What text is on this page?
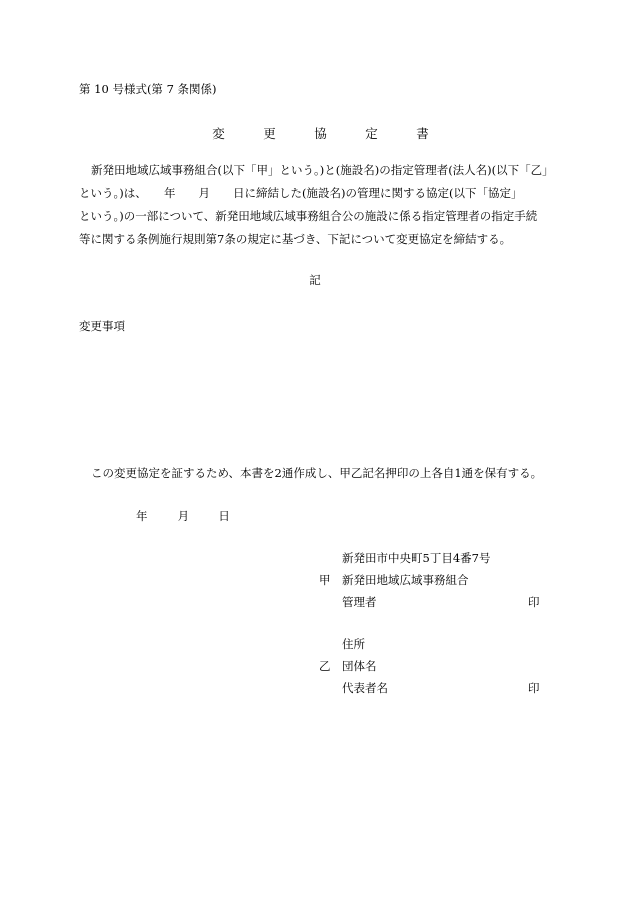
第 10 号様式(第 7 条関係)
変　更　協　定　書
新発田地域広域事務組合(以下「甲」という。)と(施設名)の指定管理者(法人名)(以下「乙」
という。)は、　　年　　月　　日に締結した(施設名)の管理に関する協定(以下「協定」
という。)の一部について、新発田地域広域事務組合公の施設に係る指定管理者の指定手続
等に関する条例施行規則第7条の規定に基づき、下記について変更協定を締結する。
記
変更事項
この変更協定を証するため、本書を2通作成し、甲乙記名押印の上各自1通を保有する。
年	月	日
新発田市中央町5丁目4番7号
甲 新発田地域広域事務組合
管理者	印
住所
乙 団体名
代表者名	印
